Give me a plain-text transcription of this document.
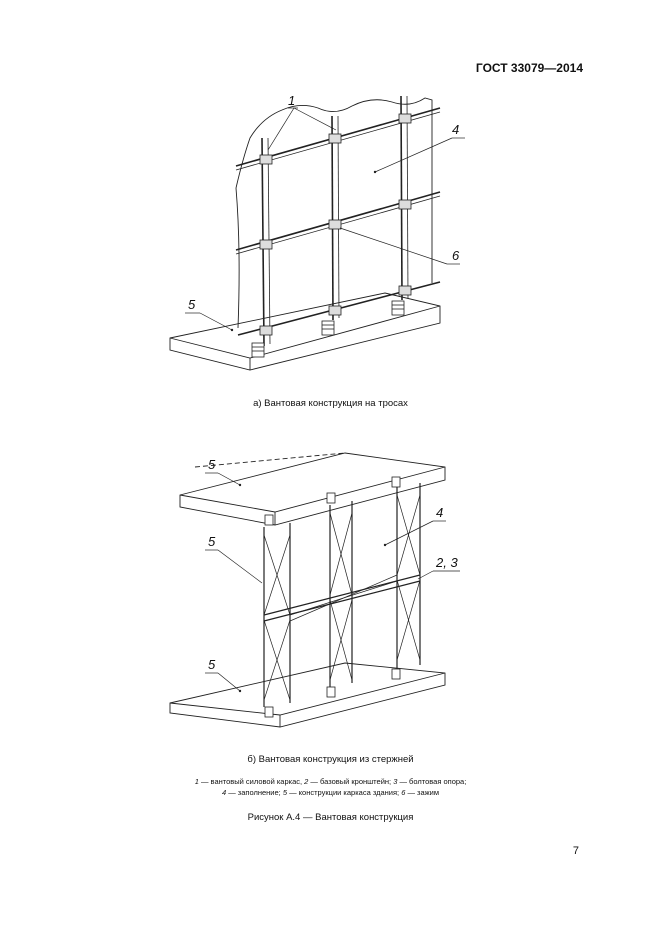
ГОСТ 33079—2014
1
4
6
5
а) Вантовая конструкция на тросах
5
5
5
4
2, 3
б) Вантовая конструкция из стержней
1 — вантовый силовой каркас, 2 — базовый кронштейн; 3 — болтовая опора;
4 — заполнение; 5 — конструкции каркаса здания; 6 — зажим
Рисунок А.4 — Вантовая конструкция
7
